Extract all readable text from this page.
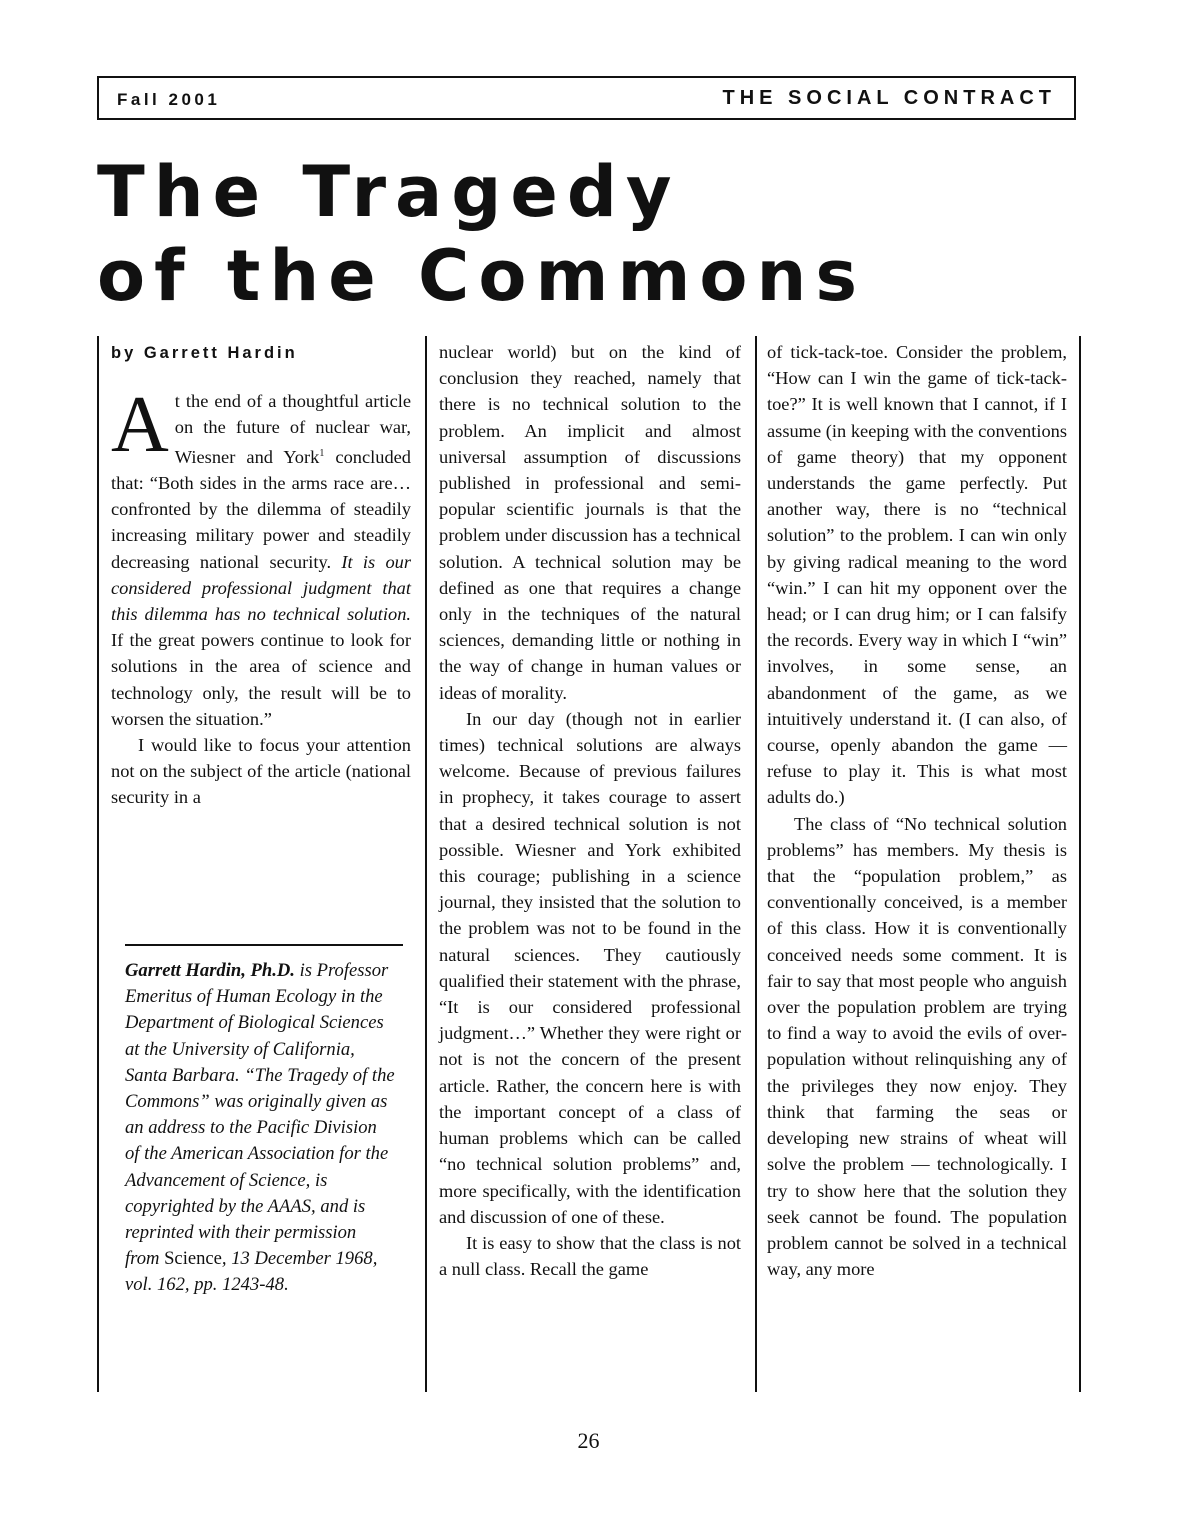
Fall 2001	THE SOCIAL CONTRACT
The Tragedy
of the Commons
by Garrett Hardin

At the end of a thoughtful article on the future of nuclear war, Wiesner and York$^1$ concluded that: “Both sides in the arms race are…confronted by the dilemma of steadily increasing military power and steadily decreasing national security. It is our considered professional judgment that this dilemma has no technical solution. If the great powers continue to look for solutions in the area of science and technology only, the result will be to worsen the situation.”

I would like to focus your attention not on the subject of the article (national security in a

Garrett Hardin, Ph.D. is Professor Emeritus of Human Ecology in the Department of Biological Sciences at the University of California, Santa Barbara. “The Tragedy of the Commons” was originally given as an address to the Pacific Division of the American Association for the Advancement of Science, is copyrighted by the AAAS, and is reprinted with their permission from Science, 13 December 1968, vol. 162, pp. 1243-48.

nuclear world) but on the kind of conclusion they reached, namely that there is no technical solution to the problem. An implicit and almost universal assumption of discussions published in professional and semi-popular scientific journals is that the problem under discussion has a technical solution. A technical solution may be defined as one that requires a change only in the techniques of the natural sciences, demanding little or nothing in the way of change in human values or ideas of morality.

In our day (though not in earlier times) technical solutions are always welcome. Because of previous failures in prophecy, it takes courage to assert that a desired technical solution is not possible. Wiesner and York exhibited this courage; publishing in a science journal, they insisted that the solution to the problem was not to be found in the natural sciences. They cautiously qualified their statement with the phrase, “It is our considered professional judgment…” Whether they were right or not is not the concern of the present article. Rather, the concern here is with the important concept of a class of human problems which can be called “no technical solution problems” and, more specifically, with the identification and discussion of one of these.

It is easy to show that the class is not a null class. Recall the game

of tick-tack-toe. Consider the problem, “How can I win the game of tick-tack-toe?” It is well known that I cannot, if I assume (in keeping with the conventions of game theory) that my opponent understands the game perfectly. Put another way, there is no “technical solution” to the problem. I can win only by giving radical meaning to the word “win.” I can hit my opponent over the head; or I can drug him; or I can falsify the records. Every way in which I “win” involves, in some sense, an abandonment of the game, as we intuitively understand it. (I can also, of course, openly abandon the game — refuse to play it. This is what most adults do.)

The class of “No technical solution problems” has members. My thesis is that the “population problem,” as conventionally conceived, is a member of this class. How it is conventionally conceived needs some comment. It is fair to say that most people who anguish over the population problem are trying to find a way to avoid the evils of over-population without relinquishing any of the privileges they now enjoy. They think that farming the seas or developing new strains of wheat will solve the problem — technologically. I try to show here that the solution they seek cannot be found. The population problem cannot be solved in a technical way, any more

26
